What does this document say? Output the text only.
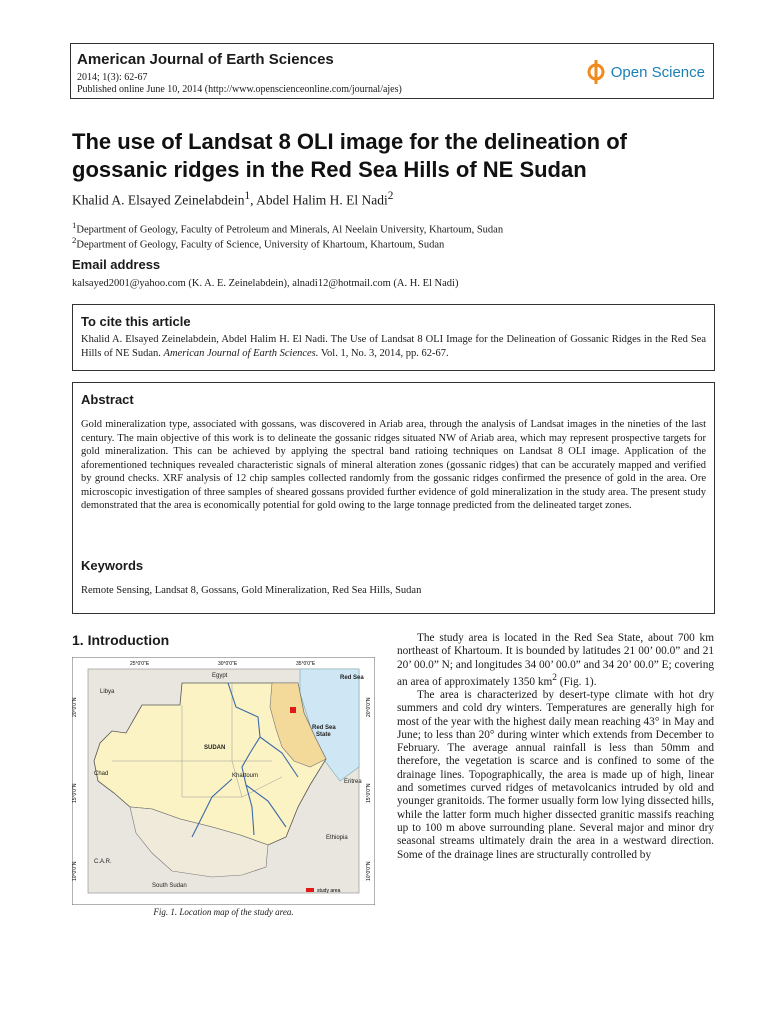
American Journal of Earth Sciences
2014; 1(3): 62-67
Published online June 10, 2014 (http://www.openscienceonline.com/journal/ajes)
Open Science
The use of Landsat 8 OLI image for the delineation of gossanic ridges in the Red Sea Hills of NE Sudan
Khalid A. Elsayed Zeinelabdein$^1$, Abdel Halim H. El Nadi$^2$
$^1$Department of Geology, Faculty of Petroleum and Minerals, Al Neelain University, Khartoum, Sudan
$^2$Department of Geology, Faculty of Science, University of Khartoum, Khartoum, Sudan
Email address
kalsayed2001@yahoo.com (K. A. E. Zeinelabdein), alnadi12@hotmail.com (A. H. El Nadi)
To cite this article
Khalid A. Elsayed Zeinelabdein, Abdel Halim H. El Nadi. The Use of Landsat 8 OLI Image for the Delineation of Gossanic Ridges in the Red Sea Hills of NE Sudan. American Journal of Earth Sciences. Vol. 1, No. 3, 2014, pp. 62-67.
Abstract
Gold mineralization type, associated with gossans, was discovered in Ariab area, through the analysis of Landsat images in the nineties of the last century. The main objective of this work is to delineate the gossanic ridges situated NW of Ariab area, which may represent prospective targets for gold mineralization. This can be achieved by applying the spectral band ratioing techniques on Landsat 8 OLI image. Application of the aforementioned techniques revealed characteristic signals of mineral alteration zones (gossanic ridges) that can be accurately mapped and verified by ground checks. XRF analysis of 12 chip samples collected randomly from the gossanic ridges confirmed the presence of gold in the area. Ore microscopic investigation of three samples of sheared gossans provided further evidence of gold mineralization in the study area. The present study demonstrated that the area is economically potential for gold owing to the large tonnage predicted from the delineated target zones.
Keywords
Remote Sensing, Landsat 8, Gossans, Gold Mineralization, Red Sea Hills, Sudan
1. Introduction
25°0'0"E	30°0'0"E	35°0'0"E
20°0'0"N
15°0'0"N
10°0'0"N
20°0'0"N
15°0'0"N
10°0'0"N
Libya
Egypt	Red Sea
Red Sea State
SUDAN
Chad	Khartoum
Eritrea
Ethiopia
C.A.R.
South Sudan
study area
Fig. 1. Location map of the study area.

The study area is located in the Red Sea State, about 700 km northeast of Khartoum. It is bounded by latitudes 21 00’ 00.0” and 21 20’ 00.0” N; and longitudes 34 00’ 00.0” and 34 20’ 00.0” E; covering an area of approximately 1350 $km^2$ (Fig. 1).

The area is characterized by desert-type climate with hot dry summers and cold dry winters. Temperatures are generally high for most of the year with the highest daily mean reaching 43° in May and June; to less than 20° during winter which extends from December to February. The average annual rainfall is less than 50mm and therefore, the vegetation is scarce and is confined to some of the drainage lines. Topographically, the area is made up of high, linear and sometimes curved ridges of metavolcanics intruded by old and younger granitoids. The former usually form low lying dissected hills, while the latter form much higher dissected granitic massifs reaching up to 100 m above surrounding plane. Several major and minor dry seasonal streams ultimately drain the area in a westward direction. Some of the drainage lines are structurally controlled by
